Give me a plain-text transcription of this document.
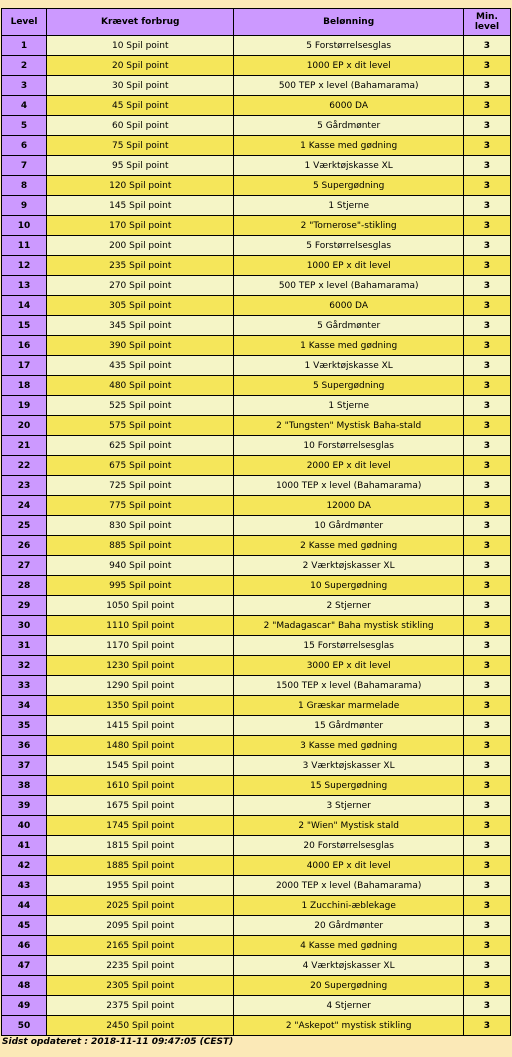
Level	Krævet forbrug	Belønning	Min.
level
1	10 Spil point	5 Forstørrelsesglas	3
2	20 Spil point	1000 EP x dit level	3
3	30 Spil point	500 TEP x level (Bahamarama)	3
4	45 Spil point	6000 DA	3
5	60 Spil point	5 Gårdmønter	3
6	75 Spil point	1 Kasse med gødning	3
7	95 Spil point	1 Værktøjskasse XL	3
8	120 Spil point	5 Supergødning	3
9	145 Spil point	1 Stjerne	3
10	170 Spil point	2 "Tornerose"-stikling	3
11	200 Spil point	5 Forstørrelsesglas	3
12	235 Spil point	1000 EP x dit level	3
13	270 Spil point	500 TEP x level (Bahamarama)	3
14	305 Spil point	6000 DA	3
15	345 Spil point	5 Gårdmønter	3
16	390 Spil point	1 Kasse med gødning	3
17	435 Spil point	1 Værktøjskasse XL	3
18	480 Spil point	5 Supergødning	3
19	525 Spil point	1 Stjerne	3
20	575 Spil point	2 "Tungsten" Mystisk Baha-stald	3
21	625 Spil point	10 Forstørrelsesglas	3
22	675 Spil point	2000 EP x dit level	3
23	725 Spil point	1000 TEP x level (Bahamarama)	3
24	775 Spil point	12000 DA	3
25	830 Spil point	10 Gårdmønter	3
26	885 Spil point	2 Kasse med gødning	3
27	940 Spil point	2 Værktøjskasser XL	3
28	995 Spil point	10 Supergødning	3
29	1050 Spil point	2 Stjerner	3
30	1110 Spil point	2 "Madagascar" Baha mystisk stikling	3
31	1170 Spil point	15 Forstørrelsesglas	3
32	1230 Spil point	3000 EP x dit level	3
33	1290 Spil point	1500 TEP x level (Bahamarama)	3
34	1350 Spil point	1 Græskar marmelade	3
35	1415 Spil point	15 Gårdmønter	3
36	1480 Spil point	3 Kasse med gødning	3
37	1545 Spil point	3 Værktøjskasser XL	3
38	1610 Spil point	15 Supergødning	3
39	1675 Spil point	3 Stjerner	3
40	1745 Spil point	2 "Wien" Mystisk stald	3
41	1815 Spil point	20 Forstørrelsesglas	3
42	1885 Spil point	4000 EP x dit level	3
43	1955 Spil point	2000 TEP x level (Bahamarama)	3
44	2025 Spil point	1 Zucchini-æblekage	3
45	2095 Spil point	20 Gårdmønter	3
46	2165 Spil point	4 Kasse med gødning	3
47	2235 Spil point	4 Værktøjskasser XL	3
48	2305 Spil point	20 Supergødning	3
49	2375 Spil point	4 Stjerner	3
50	2450 Spil point	2 "Askepot" mystisk stikling	3
Sidst opdateret : 2018-11-11 09:47:05 (CEST)
